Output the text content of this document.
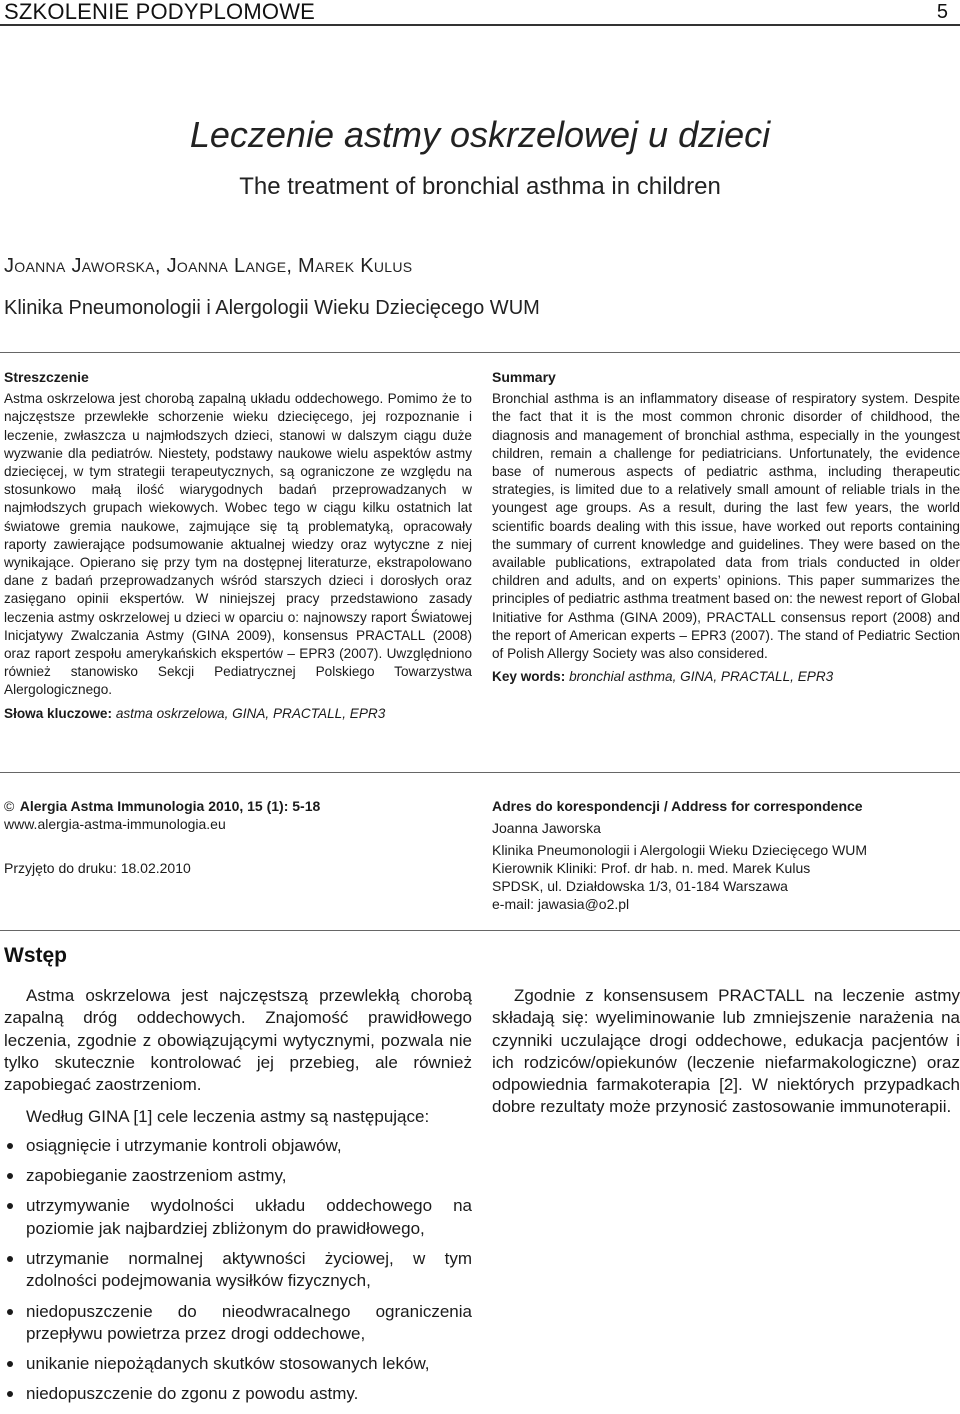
SZKOLENIE PODYPLOMOWE	5
Leczenie astmy oskrzelowej u dzieci
The treatment of bronchial asthma in children
Joanna Jaworska, Joanna Lange, Marek Kulus
Klinika Pneumonologii i Alergologii Wieku Dziecięcego WUM

Streszczenie

Astma oskrzelowa jest chorobą zapalną układu oddechowego. Pomimo że to najczęstsze przewlekłe schorzenie wieku dziecięcego, jej rozpoznanie i leczenie, zwłaszcza u najmłodszych dzieci, stanowi w dalszym ciągu duże wyzwanie dla pediatrów. Niestety, podstawy naukowe wielu aspektów astmy dziecięcej, w tym strategii terapeutycznych, są ograniczone ze względu na stosunkowo małą ilość wiarygodnych badań przeprowadzanych w najmłodszych grupach wiekowych. Wobec tego w ciągu kilku ostatnich lat światowe gremia naukowe, zajmujące się tą problematyką, opracowały raporty zawierające podsumowanie aktualnej wiedzy oraz wytyczne z niej wynikające. Opierano się przy tym na dostępnej literaturze, ekstrapolowano dane z badań przeprowadzanych wśród starszych dzieci i dorosłych oraz zasięgano opinii ekspertów. W niniejszej pracy przedstawiono zasady leczenia astmy oskrzelowej u dzieci w oparciu o: najnowszy raport Światowej Inicjatywy Zwalczania Astmy (GINA 2009), konsensus PRACTALL (2008) oraz raport zespołu amerykańskich ekspertów – EPR3 (2007). Uwzględniono również stanowisko Sekcji Pediatrycznej Polskiego Towarzystwa Alergologicznego.

Słowa kluczowe: astma oskrzelowa, GINA, PRACTALL, EPR3

Summary

Bronchial asthma is an inflammatory disease of respiratory system. Despite the fact that it is the most common chronic disorder of childhood, the diagnosis and management of bronchial asthma, especially in the youngest children, remain a challenge for pediatricians. Unfortunately, the evidence base of numerous aspects of pediatric asthma, including therapeutic strategies, is limited due to a relatively small amount of reliable trials in the youngest age groups. As a result, during the last few years, the world scientific boards dealing with this issue, have worked out reports containing the summary of current knowledge and guidelines. They were based on the available publications, extrapolated data from trials conducted in older children and adults, and on experts’ opinions. This paper summarizes the principles of pediatric asthma treatment based on: the newest report of Global Initiative for Asthma (GINA 2009), PRACTALL consensus report (2008) and the report of American experts – EPR3 (2007). The stand of Pediatric Section of Polish Allergy Society was also considered.

Key words: bronchial asthma, GINA, PRACTALL, EPR3

© Alergia Astma Immunologia 2010, 15 (1): 5-18

www.alergia-astma-immunologia.eu

Przyjęto do druku: 18.02.2010

Adres do korespondencji / Address for correspondence

Joanna Jaworska

Klinika Pneumonologii i Alergologii Wieku Dziecięcego WUM

Kierownik Kliniki: Prof. dr hab. n. med. Marek Kulus

SPDSK, ul. Działdowska 1/3, 01-184 Warszawa

e-mail: jawasia@o2.pl

Wstęp

Astma oskrzelowa jest najczęstszą przewlekłą chorobą zapalną dróg oddechowych. Znajomość prawidłowego leczenia, zgodnie z obowiązującymi wytycznymi, pozwala nie tylko skutecznie kontrolować jej przebieg, ale również zapobiegać zaostrzeniom.

Według GINA [1] cele leczenia astmy są następujące:

osiągnięcie i utrzymanie kontroli objawów,
zapobieganie zaostrzeniom astmy,
utrzymywanie wydolności układu oddechowego na poziomie jak najbardziej zbliżonym do prawidłowego,
utrzymanie normalnej aktywności życiowej, w tym zdolności podejmowania wysiłków fizycznych,
niedopuszczenie do nieodwracalnego ograniczenia przepływu powietrza przez drogi oddechowe,
unikanie niepożądanych skutków stosowanych leków,
niedopuszczenie do zgonu z powodu astmy.

Zgodnie z konsensusem PRACTALL na leczenie astmy składają się: wyeliminowanie lub zmniejszenie narażenia na czynniki uczulające drogi oddechowe, edukacja pacjentów i ich rodziców/opiekunów (leczenie niefarmakologiczne) oraz odpowiednia farmakoterapia [2]. W niektórych przypadkach dobre rezultaty może przynosić zastosowanie immunoterapii.
